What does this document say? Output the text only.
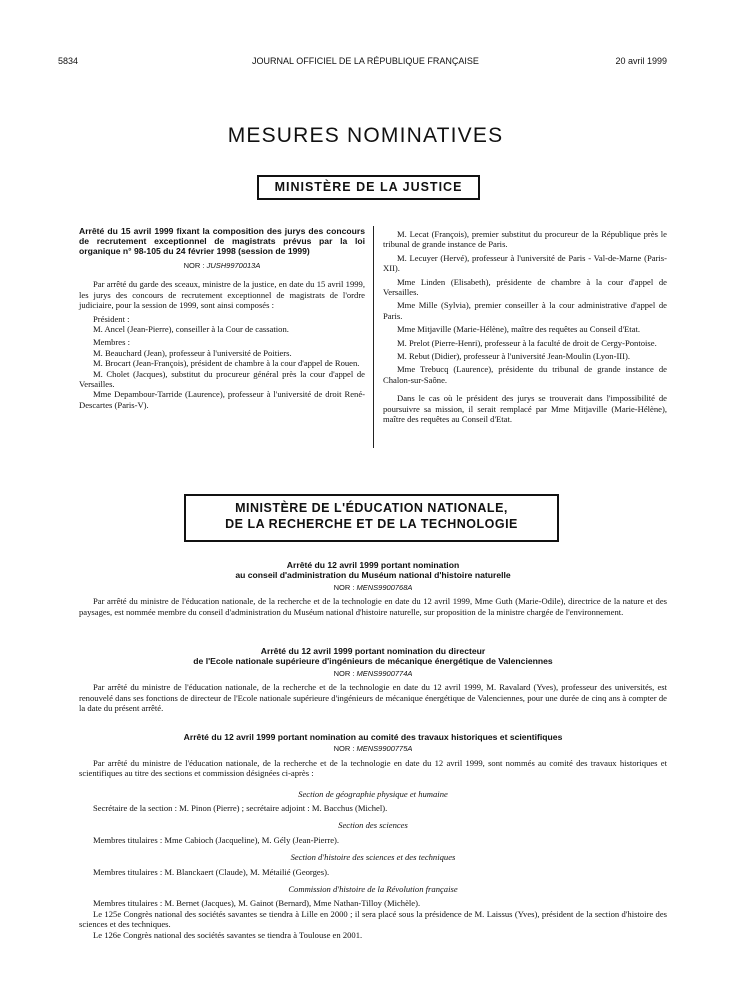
5834	JOURNAL OFFICIEL DE LA RÉPUBLIQUE FRANÇAISE	20 avril 1999
MESURES NOMINATIVES
MINISTÈRE DE LA JUSTICE
Arrêté du 15 avril 1999 fixant la composition des jurys des concours de recrutement exceptionnel de magistrats prévus par la loi organique n° 98-105 du 24 février 1998 (session de 1999)
NOR : JUSH9970013A

Par arrêté du garde des sceaux, ministre de la justice, en date du 15 avril 1999, les jurys des concours de recrutement exceptionnel de magistrats de l'ordre judiciaire, pour la session de 1999, sont ainsi composés :

Président :

M. Ancel (Jean-Pierre), conseiller à la Cour de cassation.

Membres :

M. Beauchard (Jean), professeur à l'université de Poitiers.

M. Brocart (Jean-François), président de chambre à la cour d'appel de Rouen.

M. Cholet (Jacques), substitut du procureur général près la cour d'appel de Versailles.

Mme Depambour-Tarride (Laurence), professeur à l'université de droit René-Descartes (Paris-V).

M. Lecat (François), premier substitut du procureur de la République près le tribunal de grande instance de Paris.

M. Lecuyer (Hervé), professeur à l'université de Paris - Val-de-Marne (Paris-XII).

Mme Linden (Elisabeth), présidente de chambre à la cour d'appel de Versailles.

Mme Mille (Sylvia), premier conseiller à la cour administrative d'appel de Paris.

Mme Mitjaville (Marie-Hélène), maître des requêtes au Conseil d'Etat.

M. Prelot (Pierre-Henri), professeur à la faculté de droit de Cergy-Pontoise.

M. Rebut (Didier), professeur à l'université Jean-Moulin (Lyon-III).

Mme Trebucq (Laurence), présidente du tribunal de grande instance de Chalon-sur-Saône.

Dans le cas où le président des jurys se trouverait dans l'impossibilité de poursuivre sa mission, il serait remplacé par Mme Mitjaville (Marie-Hélène), maître des requêtes au Conseil d'Etat.

MINISTÈRE DE L'ÉDUCATION NATIONALE,
DE LA RECHERCHE ET DE LA TECHNOLOGIE
Arrêté du 12 avril 1999 portant nomination
au conseil d'administration du Muséum national d'histoire naturelle
NOR : MENS9900768A

Par arrêté du ministre de l'éducation nationale, de la recherche et de la technologie en date du 12 avril 1999, Mme Guth (Marie-Odile), directrice de la nature et des paysages, est nommée membre du conseil d'administration du Muséum national d'histoire naturelle, sur proposition de la ministre chargée de l'environnement.

Arrêté du 12 avril 1999 portant nomination du directeur
de l'Ecole nationale supérieure d'ingénieurs de mécanique énergétique de Valenciennes
NOR : MENS9900774A

Par arrêté du ministre de l'éducation nationale, de la recherche et de la technologie en date du 12 avril 1999, M. Ravalard (Yves), professeur des universités, est renouvelé dans ses fonctions de directeur de l'Ecole nationale supérieure d'ingénieurs de mécanique énergétique de Valenciennes, pour une durée de cinq ans à compter de la date du présent arrêté.

Arrêté du 12 avril 1999 portant nomination au comité des travaux historiques et scientifiques
NOR : MENS9900775A

Par arrêté du ministre de l'éducation nationale, de la recherche et de la technologie en date du 12 avril 1999, sont nommés au comité des travaux historiques et scientifiques au titre des sections et commission désignées ci-après :

Section de géographie physique et humaine

Secrétaire de la section : M. Pinon (Pierre) ; secrétaire adjoint : M. Bacchus (Michel).

Section des sciences

Membres titulaires : Mme Cabioch (Jacqueline), M. Gély (Jean-Pierre).

Section d'histoire des sciences et des techniques

Membres titulaires : M. Blanckaert (Claude), M. Métailié (Georges).

Commission d'histoire de la Révolution française

Membres titulaires : M. Bernet (Jacques), M. Gainot (Bernard), Mme Nathan-Tilloy (Michèle).

Le 125e Congrès national des sociétés savantes se tiendra à Lille en 2000 ; il sera placé sous la présidence de M. Laissus (Yves), président de la section d'histoire des sciences et des techniques.

Le 126e Congrès national des sociétés savantes se tiendra à Toulouse en 2001.
